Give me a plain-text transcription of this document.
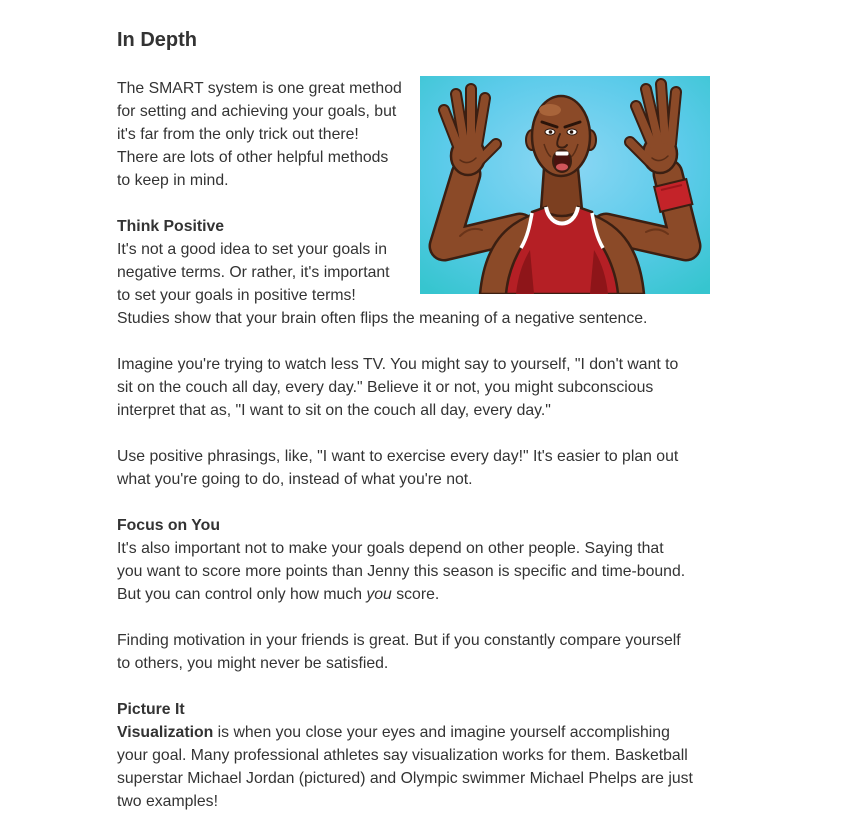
In Depth
The SMART system is one great method
for setting and achieving your goals, but
it's far from the only trick out there!
There are lots of other helpful methods
to keep in mind.
Think Positive
It's not a good idea to set your goals in
negative terms. Or rather, it's important
to set your goals in positive terms!
Studies show that your brain often flips the meaning of a negative sentence.
Imagine you're trying to watch less TV. You might say to yourself, "I don't want to
sit on the couch all day, every day." Believe it or not, you might subconscious
interpret that as, "I want to sit on the couch all day, every day."
Use positive phrasings, like, "I want to exercise every day!" It's easier to plan out
what you're going to do, instead of what you're not.
Focus on You
It's also important not to make your goals depend on other people. Saying that
you want to score more points than Jenny this season is specific and time-bound.
But you can control only how much you score.
Finding motivation in your friends is great. But if you constantly compare yourself
to others, you might never be satisfied.
Picture It
Visualization is when you close your eyes and imagine yourself accomplishing
your goal. Many professional athletes say visualization works for them. Basketball
superstar Michael Jordan (pictured) and Olympic swimmer Michael Phelps are just
two examples!
